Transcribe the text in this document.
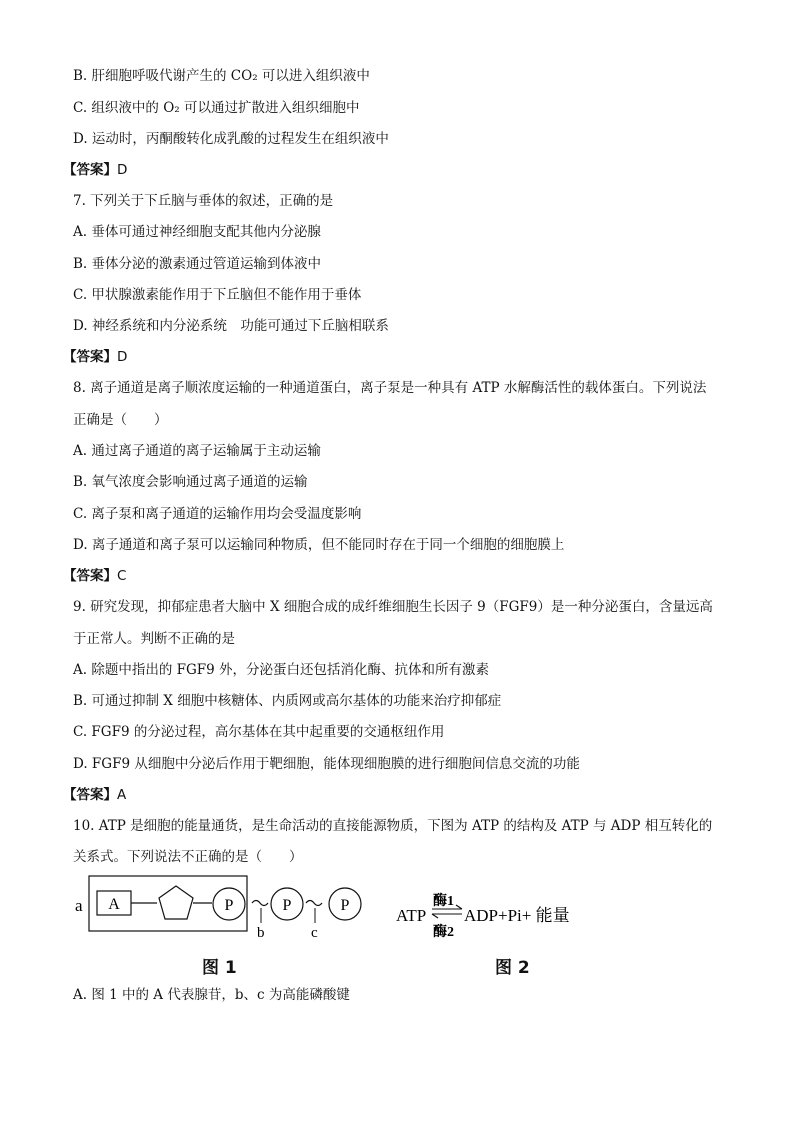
B. 肝细胞呼吸代谢产生的 CO₂ 可以进入组织液中
C. 组织液中的 O₂ 可以通过扩散进入组织细胞中
D. 运动时，丙酮酸转化成乳酸的过程发生在组织液中
【答案】D
7. 下列关于下丘脑与垂体的叙述，正确的是
A. 垂体可通过神经细胞支配其他内分泌腺
B. 垂体分泌的激素通过管道运输到体液中
C. 甲状腺激素能作用于下丘脑但不能作用于垂体
D. 神经系统和内分泌系统　功能可通过下丘脑相联系
【答案】D
8. 离子通道是离子顺浓度运输的一种通道蛋白，离子泵是一种具有 ATP 水解酶活性的载体蛋白。下列说法
正确是（　　）
A. 通过离子通道的离子运输属于主动运输
B. 氧气浓度会影响通过离子通道的运输
C. 离子泵和离子通道的运输作用均会受温度影响
D. 离子通道和离子泵可以运输同种物质，但不能同时存在于同一个细胞的细胞膜上
【答案】C
9. 研究发现，抑郁症患者大脑中 X 细胞合成的成纤维细胞生长因子 9（FGF9）是一种分泌蛋白，含量远高
于正常人。判断不正确的是
A. 除题中指出的 FGF9 外，分泌蛋白还包括消化酶、抗体和所有激素
B. 可通过抑制 X 细胞中核糖体、内质网或高尔基体的功能来治疗抑郁症
C. FGF9 的分泌过程，高尔基体在其中起重要的交通枢纽作用
D. FGF9 从细胞中分泌后作用于靶细胞，能体现细胞膜的进行细胞间信息交流的功能
【答案】A
10. ATP 是细胞的能量通货，是生命活动的直接能源物质，下图为 ATP 的结构及 ATP 与 ADP 相互转化的
关系式。下列说法不正确的是（　　）
a A	P
b
P
c
P
ATP
酶1
酶2
ADP+Pi+ 能量
图 1	图 2
A. 图 1 中的 A 代表腺苷，b、c 为高能磷酸键
